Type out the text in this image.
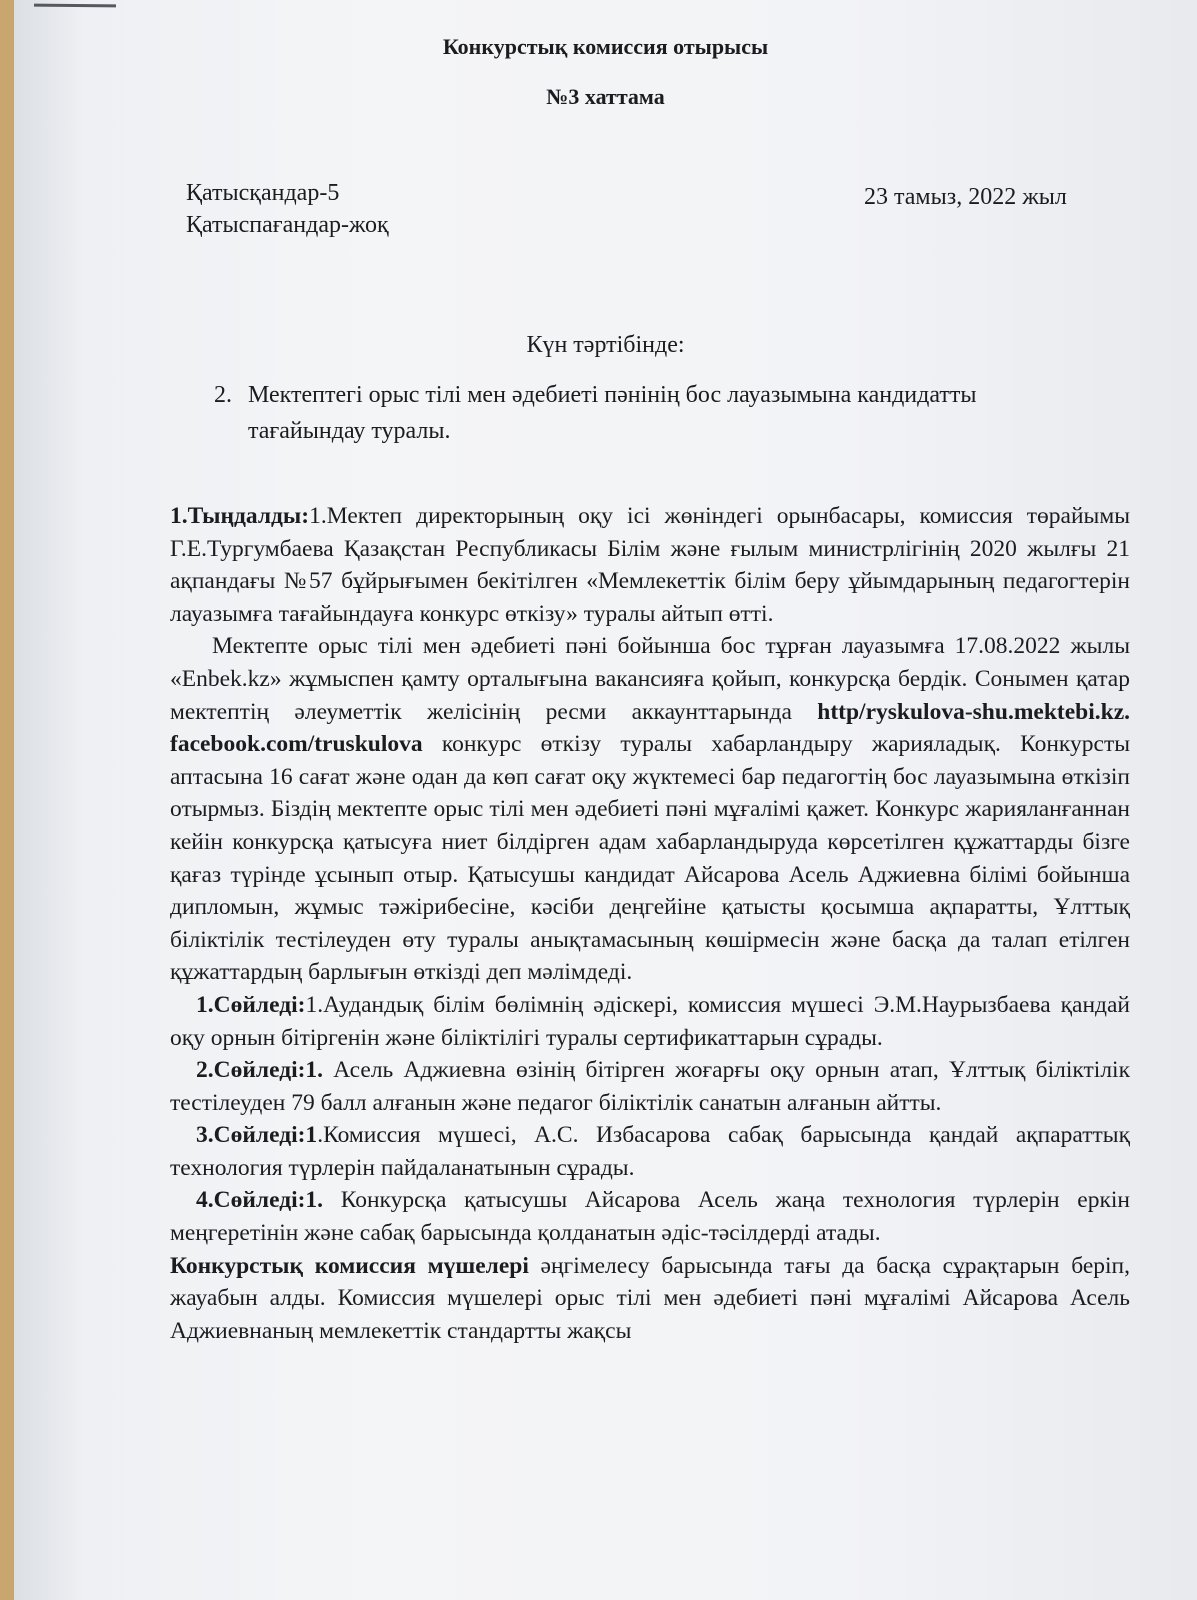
Конкурстық комиссия отырысы
№3 хаттама
Қатысқандар-5
Қатыспағандар-жоқ
23 тамыз, 2022 жыл
Күн тәртібінде:
2. Мектептегі орыс тілі мен әдебиеті пәнінің бос лауазымына кандидатты
тағайындау туралы.

1.Тыңдалды:1.Мектеп директорының оқу ісі жөніндегі орынбасары, комиссия төрайымы Г.Е.Тургумбаева Қазақстан Республикасы Білім және ғылым министрлігінің 2020 жылғы 21 ақпандағы №57 бұйрығымен бекітілген «Мемлекеттік білім беру ұйымдарының педагогтерін лауазымға тағайындауға конкурс өткізу» туралы айтып өтті.

Мектепте орыс тілі мен әдебиеті пәні бойынша бос тұрған лауазымға 17.08.2022 жылы «Enbek.kz» жұмыспен қамту орталығына вакансияға қойып, конкурсқа бердік. Сонымен қатар мектептің әлеуметтік желісінің ресми аккаунттарында http/ryskulova-shu.mektebi.kz. facebook.com/truskulova конкурс өткізу туралы хабарландыру жарияладық. Конкурсты аптасына 16 сағат және одан да көп сағат оқу жүктемесі бар педагогтің бос лауазымына өткізіп отырмыз. Біздің мектепте орыс тілі мен әдебиеті пәні мұғалімі қажет. Конкурс жарияланғаннан кейін конкурсқа қатысуға ниет білдірген адам хабарландыруда көрсетілген құжаттарды бізге қағаз түрінде ұсынып отыр. Қатысушы кандидат Айсарова Асель Аджиевна білімі бойынша дипломын, жұмыс тәжірибесіне, кәсіби деңгейіне қатысты қосымша ақпаратты, Ұлттық біліктілік тестілеуден өту туралы анықтамасының көшірмесін және басқа да талап етілген құжаттардың барлығын өткізді деп мәлімдеді.

1.Сөйледі:1.Аудандық білім бөлімнің әдіскері, комиссия мүшесі Э.М.Наурызбаева қандай оқу орнын бітіргенін және біліктілігі туралы сертификаттарын сұрады.

2.Сөйледі:1. Асель Аджиевна өзінің бітірген жоғарғы оқу орнын атап, Ұлттық біліктілік тестілеуден 79 балл алғанын және педагог біліктілік санатын алғанын айтты.

3.Сөйледі:1.Комиссия мүшесі, А.С. Избасарова сабақ барысында қандай ақпараттық технология түрлерін пайдаланатынын сұрады.

4.Сөйледі:1. Конкурсқа қатысушы Айсарова Асель жаңа технология түрлерін еркін меңгеретінін және сабақ барысында қолданатын әдіс-тәсілдерді атады.

Конкурстық комиссия мүшелері әңгімелесу барысында тағы да басқа сұрақтарын беріп, жауабын алды. Комиссия мүшелері орыс тілі мен әдебиеті пәні мұғалімі Айсарова Асель Аджиевнаның мемлекеттік стандартты жақсы
